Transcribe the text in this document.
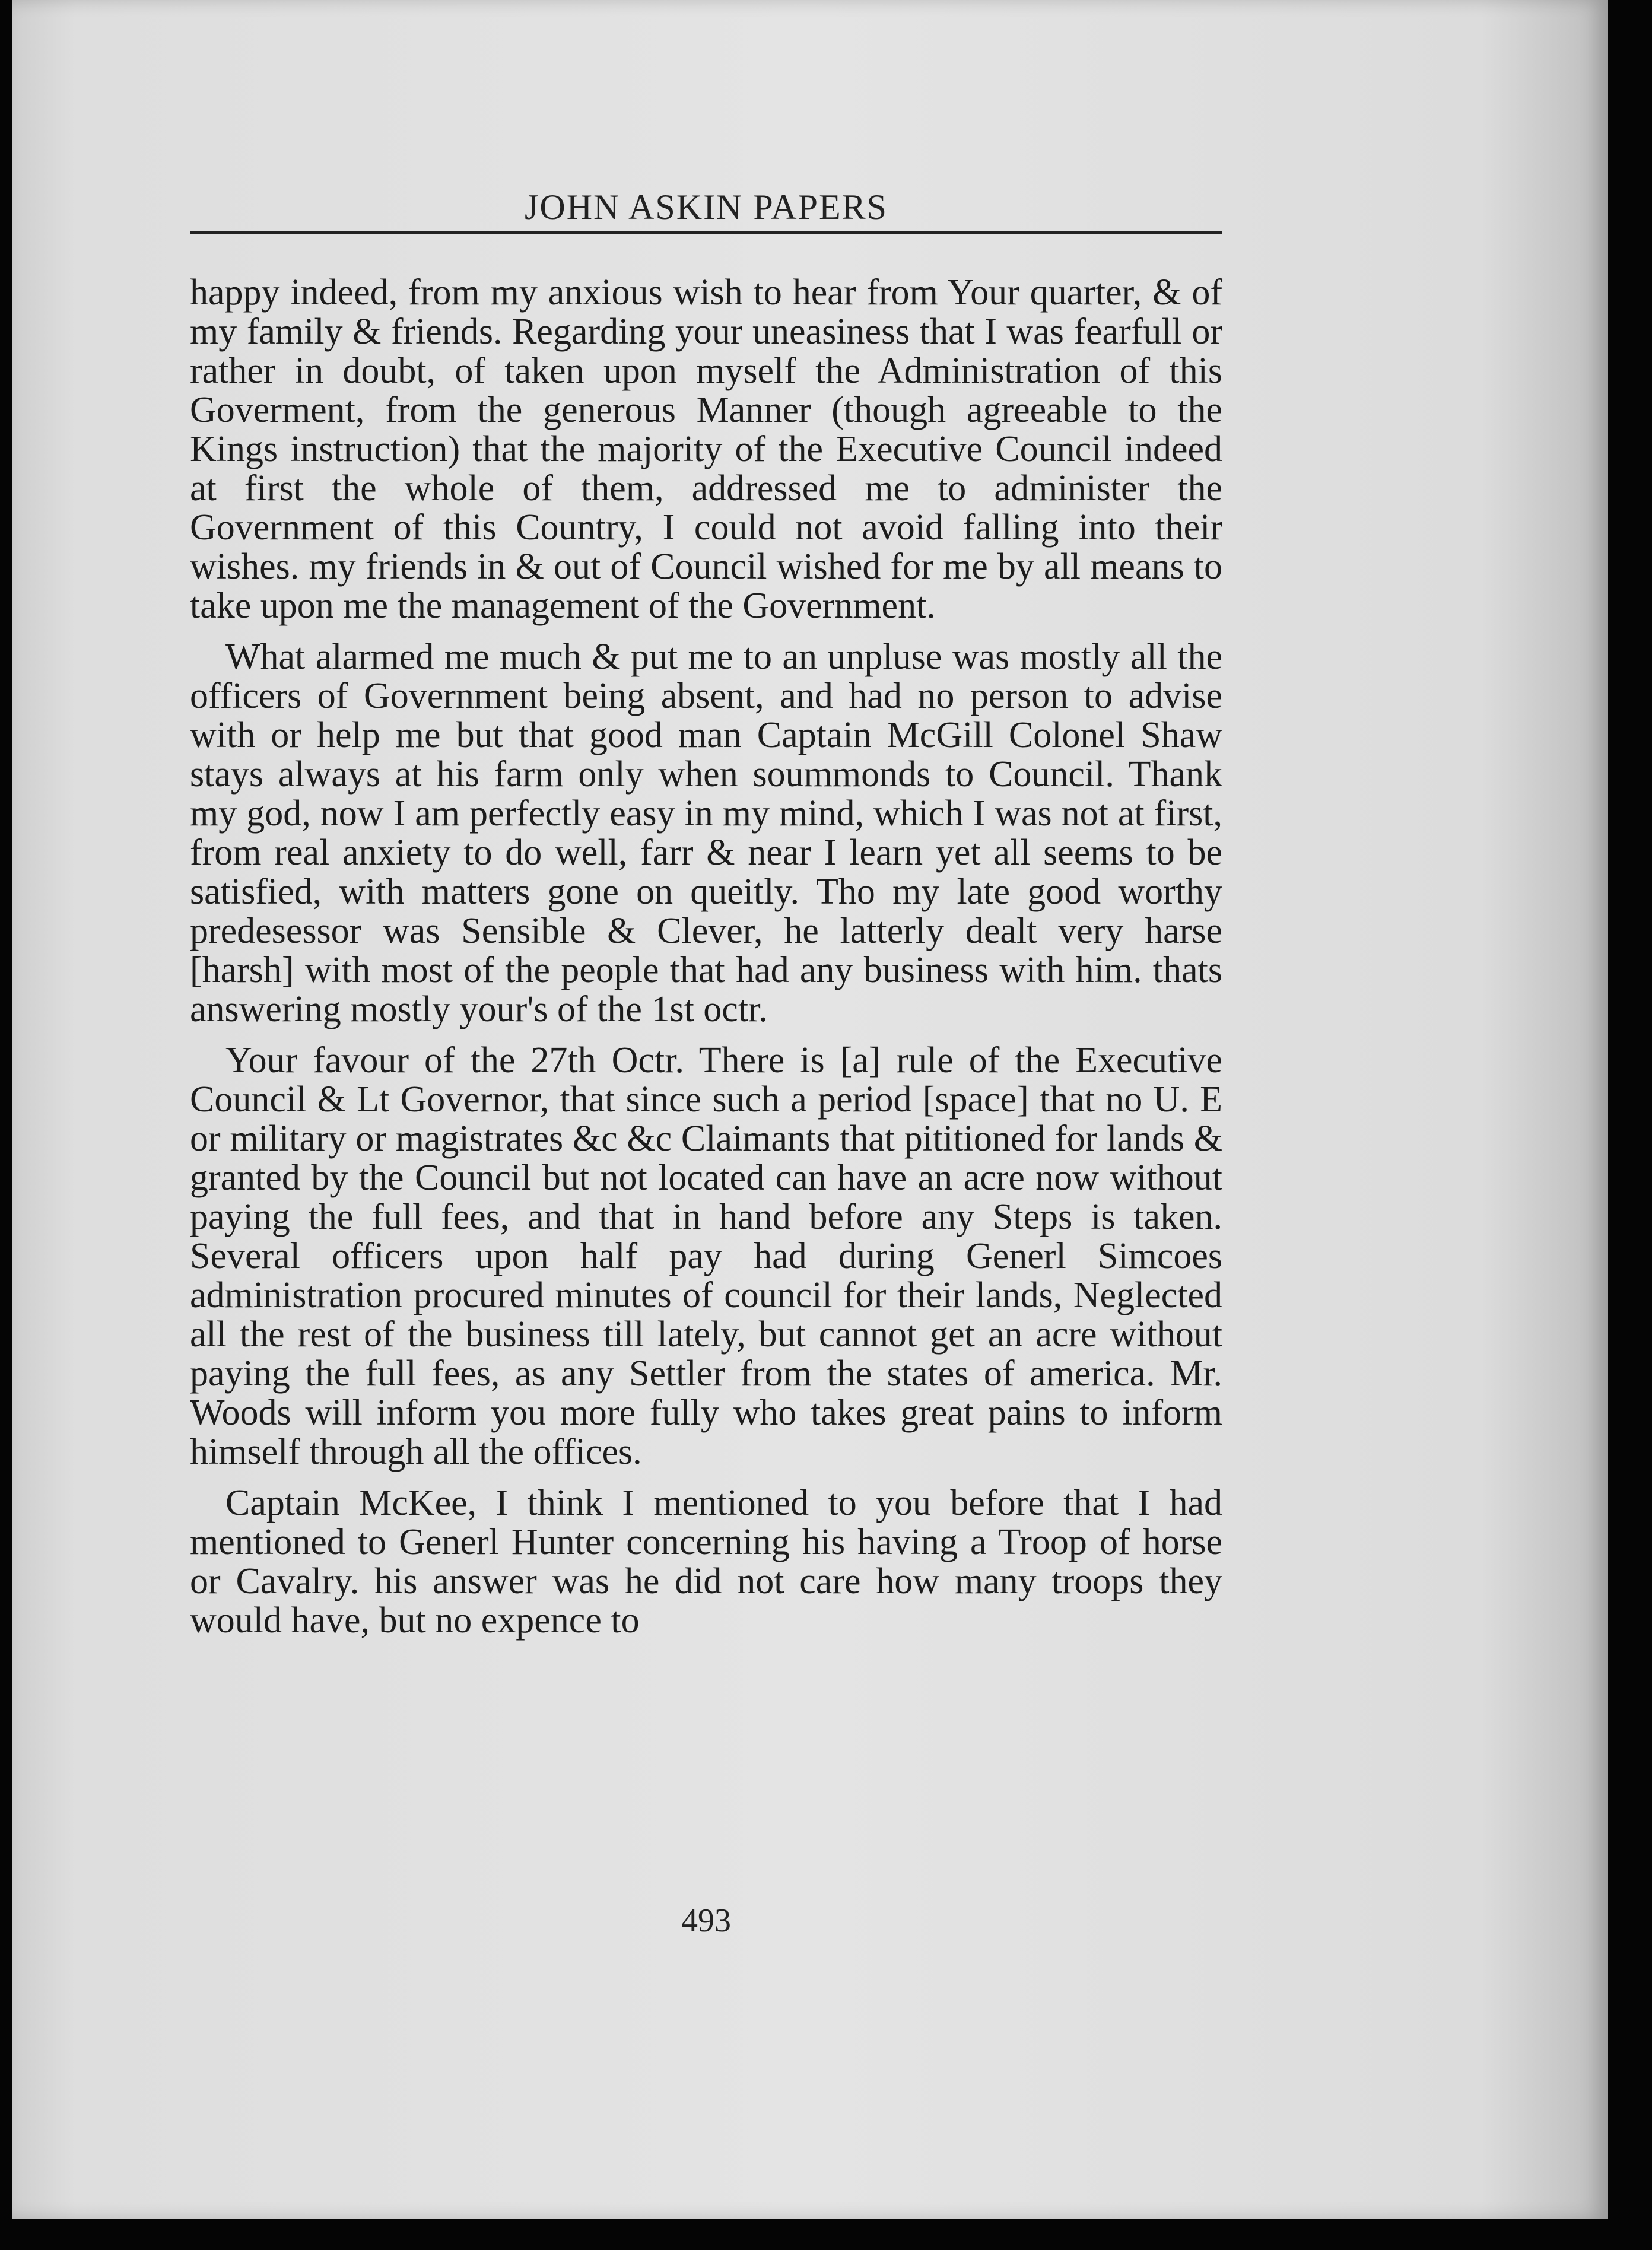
JOHN ASKIN PAPERS

happy indeed, from my anxious wish to hear from Your quarter, & of my family & friends. Regarding your uneasiness that I was fearfull or rather in doubt, of taken upon myself the Administration of this Goverment, from the generous Manner (though agreeable to the Kings instruction) that the majority of the Executive Council indeed at first the whole of them, addressed me to administer the Government of this Country, I could not avoid falling into their wishes. my friends in & out of Council wished for me by all means to take upon me the management of the Government.

What alarmed me much & put me to an unpluse was mostly all the officers of Government being absent, and had no person to advise with or help me but that good man Captain McGill Colonel Shaw stays always at his farm only when soummonds to Council. Thank my god, now I am perfectly easy in my mind, which I was not at first, from real anxiety to do well, farr & near I learn yet all seems to be satisfied, with matters gone on queitly. Tho my late good worthy predesessor was Sensible & Clever, he latterly dealt very harse [harsh] with most of the people that had any business with him. thats answering mostly your's of the 1st octr.

Your favour of the 27th Octr. There is [a] rule of the Executive Council & Lt Governor, that since such a period [space] that no U. E or military or magistrates &c &c Claimants that pititioned for lands & granted by the Council but not located can have an acre now without paying the full fees, and that in hand before any Steps is taken. Several officers upon half pay had during Generl Simcoes administration procured minutes of council for their lands, Neglected all the rest of the business till lately, but cannot get an acre without paying the full fees, as any Settler from the states of america. Mr. Woods will inform you more fully who takes great pains to inform himself through all the offices.

Captain McKee, I think I mentioned to you before that I had mentioned to Generl Hunter concerning his having a Troop of horse or Cavalry. his answer was he did not care how many troops they would have, but no expence to

493
